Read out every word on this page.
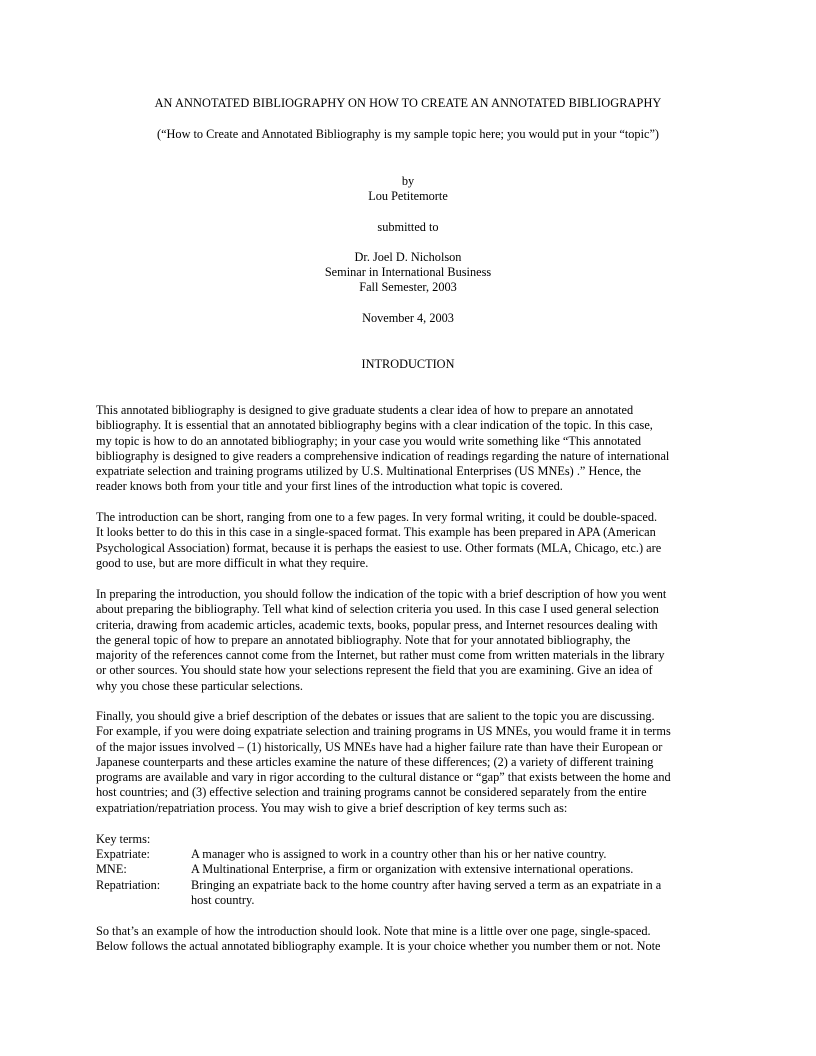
AN ANNOTATED BIBLIOGRAPHY ON HOW TO CREATE AN ANNOTATED BIBLIOGRAPHY
(“How to Create and Annotated Bibliography is my sample topic here; you would put in your “topic”)
by
Lou Petitemorte
submitted to
Dr. Joel D. Nicholson
Seminar in International Business
Fall Semester, 2003
November 4, 2003
INTRODUCTION
This annotated bibliography is designed to give graduate students a clear idea of how to prepare an annotated
bibliography. It is essential that an annotated bibliography begins with a clear indication of the topic. In this case,
my topic is how to do an annotated bibliography; in your case you would write something like “This annotated
bibliography is designed to give readers a comprehensive indication of readings regarding the nature of international
expatriate selection and training programs utilized by U.S. Multinational Enterprises (US MNEs) .” Hence, the
reader knows both from your title and your first lines of the introduction what topic is covered.
The introduction can be short, ranging from one to a few pages. In very formal writing, it could be double-spaced.
It looks better to do this in this case in a single-spaced format. This example has been prepared in APA (American
Psychological Association) format, because it is perhaps the easiest to use. Other formats (MLA, Chicago, etc.) are
good to use, but are more difficult in what they require.
In preparing the introduction, you should follow the indication of the topic with a brief description of how you went
about preparing the bibliography. Tell what kind of selection criteria you used. In this case I used general selection
criteria, drawing from academic articles, academic texts, books, popular press, and Internet resources dealing with
the general topic of how to prepare an annotated bibliography. Note that for your annotated bibliography, the
majority of the references cannot come from the Internet, but rather must come from written materials in the library
or other sources. You should state how your selections represent the field that you are examining. Give an idea of
why you chose these particular selections.
Finally, you should give a brief description of the debates or issues that are salient to the topic you are discussing.
For example, if you were doing expatriate selection and training programs in US MNEs, you would frame it in terms
of the major issues involved – (1) historically, US MNEs have had a higher failure rate than have their European or
Japanese counterparts and these articles examine the nature of these differences; (2) a variety of different training
programs are available and vary in rigor according to the cultural distance or “gap” that exists between the home and
host countries; and (3) effective selection and training programs cannot be considered separately from the entire
expatriation/repatriation process. You may wish to give a brief description of key terms such as:
Key terms:
Expatriate:	A manager who is assigned to work in a country other than his or her native country.
MNE:	A Multinational Enterprise, a firm or organization with extensive international operations.
Repatriation:	Bringing an expatriate back to the home country after having served a term as an expatriate in a
host country.
So that’s an example of how the introduction should look. Note that mine is a little over one page, single-spaced.
Below follows the actual annotated bibliography example. It is your choice whether you number them or not. Note
